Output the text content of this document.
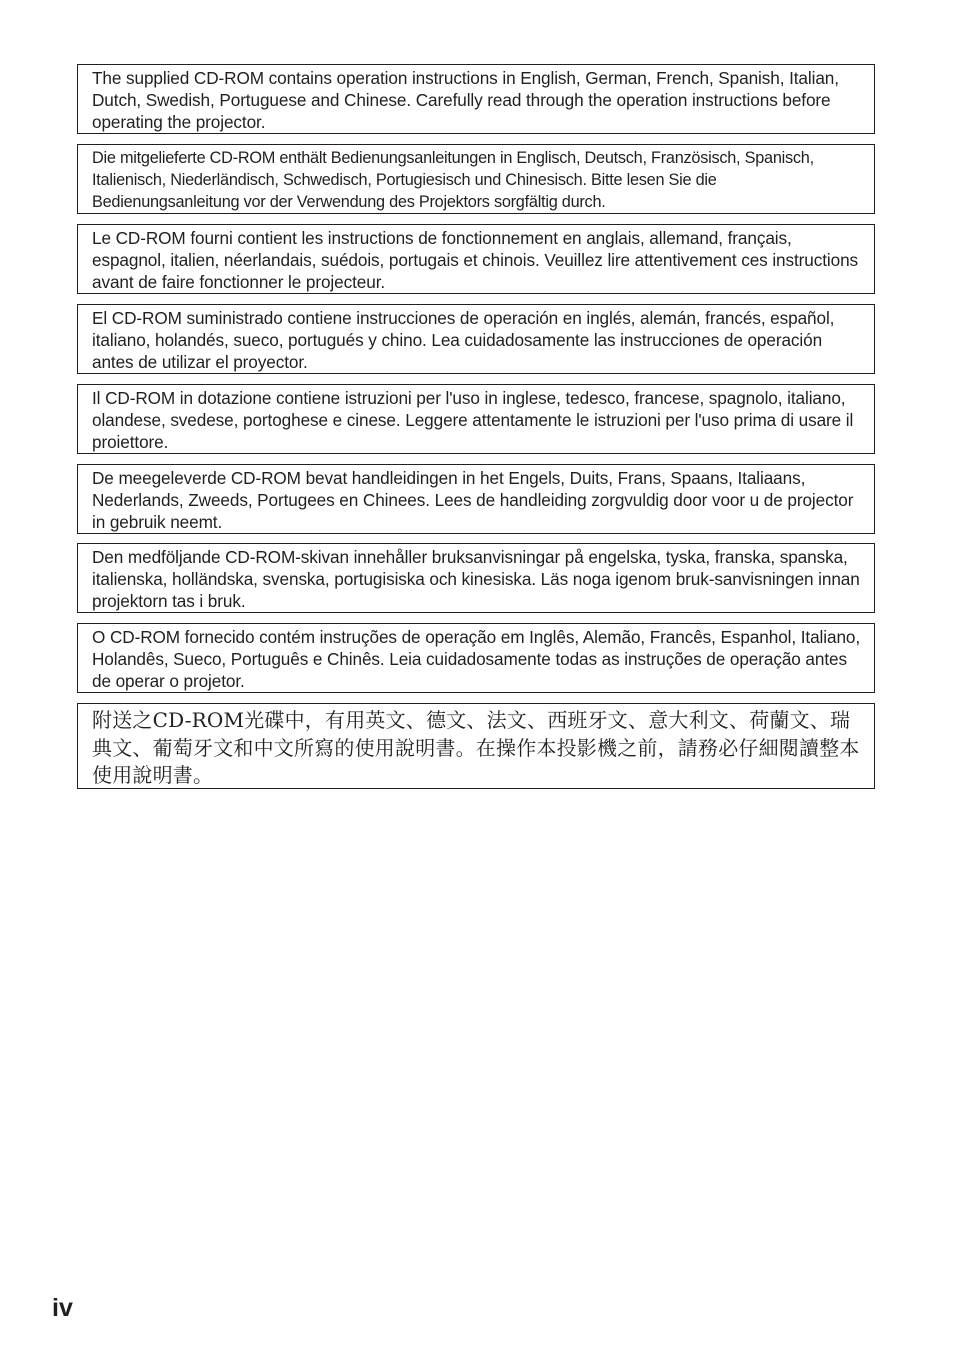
The supplied CD-ROM contains operation instructions in English, German, French, Spanish, Italian, Dutch, Swedish, Portuguese and Chinese. Carefully read through the operation instructions before operating the projector.

Die mitgelieferte CD-ROM enthält Bedienungsanleitungen in Englisch, Deutsch, Französisch, Spanisch, Italienisch, Niederländisch, Schwedisch, Portugiesisch und Chinesisch. Bitte lesen Sie die Bedienungsanleitung vor der Verwendung des Projektors sorgfältig durch.

Le CD-ROM fourni contient les instructions de fonctionnement en anglais, allemand, français, espagnol, italien, néerlandais, suédois, portugais et chinois. Veuillez lire attentivement ces instructions avant de faire fonctionner le projecteur.

El CD-ROM suministrado contiene instrucciones de operación en inglés, alemán, francés, español, italiano, holandés, sueco, portugués y chino. Lea cuidadosamente las instrucciones de operación antes de utilizar el proyector.

Il CD-ROM in dotazione contiene istruzioni per l'uso in inglese, tedesco, francese, spagnolo, italiano, olandese, svedese, portoghese e cinese. Leggere attentamente le istruzioni per l'uso prima di usare il proiettore.

De meegeleverde CD-ROM bevat handleidingen in het Engels, Duits, Frans, Spaans, Italiaans, Nederlands, Zweeds, Portugees en Chinees. Lees de handleiding zorgvuldig door voor u de projector in gebruik neemt.

Den medföljande CD-ROM-skivan innehåller bruksanvisningar på engelska, tyska, franska, spanska, italienska, holländska, svenska, portugisiska och kinesiska. Läs noga igenom bruk-sanvisningen innan projektorn tas i bruk.

O CD-ROM fornecido contém instruções de operação em Inglês, Alemão, Francês, Espanhol, Italiano, Holandês, Sueco, Português e Chinês. Leia cuidadosamente todas as instruções de operação antes de operar o projetor.

附送之CD-ROM光碟中，有用英文、德文、法文、西班牙文、意大利文、荷蘭文、瑞典文、葡萄牙文和中文所寫的使用說明書。在操作本投影機之前，請務必仔細閱讀整本使用說明書。

iv
